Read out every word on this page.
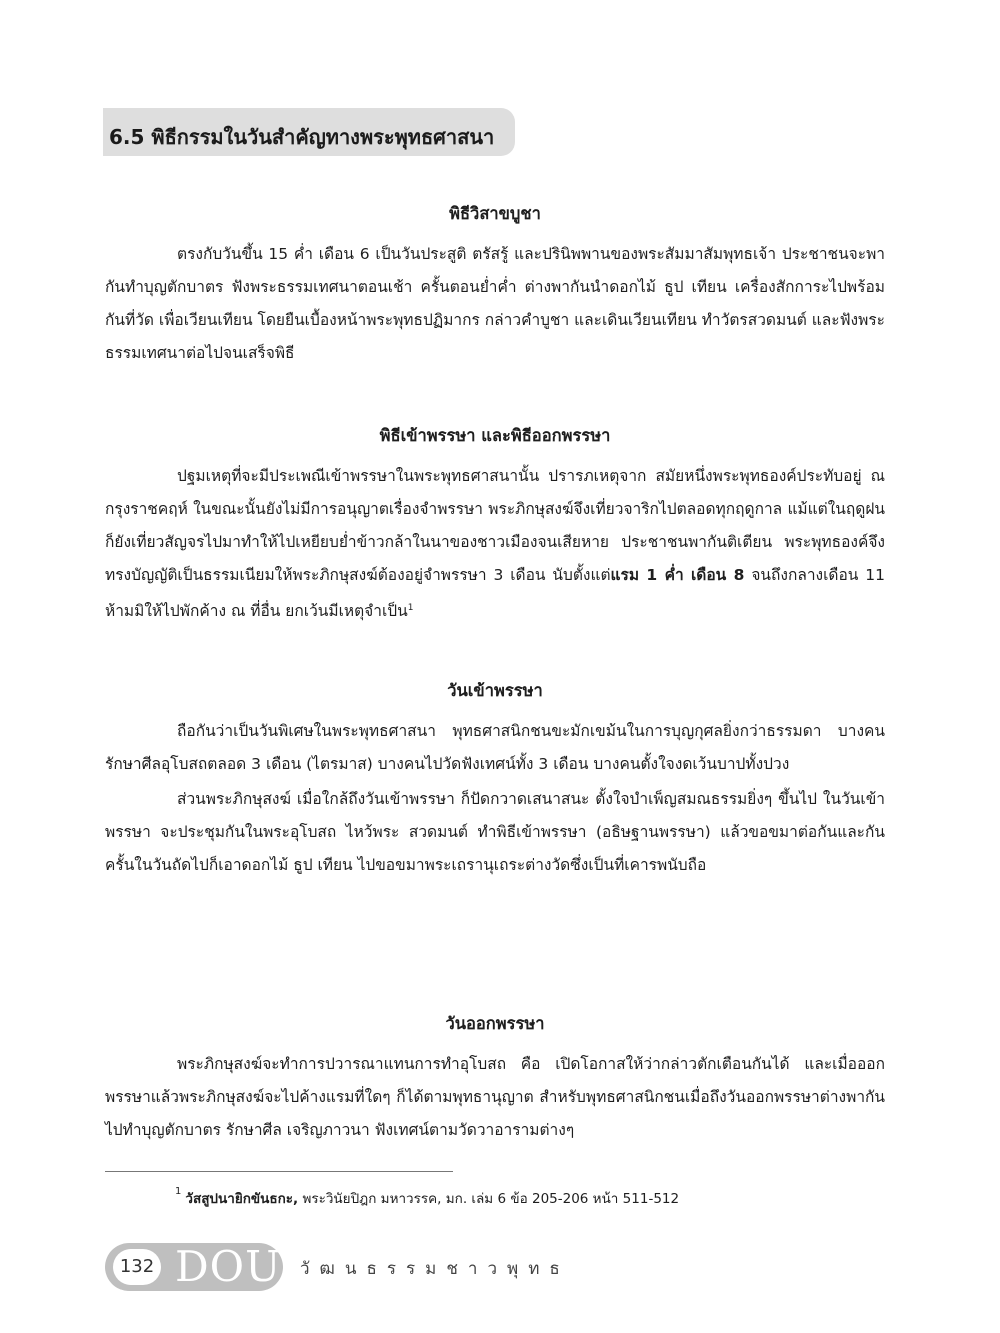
6.5 พิธีกรรมในวันสำคัญทางพระพุทธศาสนา
พิธีวิสาขบูชา

ตรงกับวันขึ้น 15 ค่ำ เดือน 6 เป็นวันประสูติ ตรัสรู้ และปรินิพพานของพระสัมมาสัมพุทธเจ้า ประชาชนจะพากันทำบุญตักบาตร ฟังพระธรรมเทศนาตอนเช้า ครั้นตอนย่ำค่ำ ต่างพากันนำดอกไม้ ธูป เทียน เครื่องสักการะไปพร้อมกันที่วัด เพื่อเวียนเทียน โดยยืนเบื้องหน้าพระพุทธปฏิมากร กล่าวคำบูชา และเดินเวียนเทียน ทำวัตรสวดมนต์ และฟังพระธรรมเทศนาต่อไปจนเสร็จพิธี

พิธีเข้าพรรษา และพิธีออกพรรษา

ปฐมเหตุที่จะมีประเพณีเข้าพรรษาในพระพุทธศาสนานั้น ปรารภเหตุจาก สมัยหนึ่งพระพุทธองค์ประทับอยู่ ณ กรุงราชคฤห์ ในขณะนั้นยังไม่มีการอนุญาตเรื่องจำพรรษา พระภิกษุสงฆ์จึงเที่ยวจาริกไปตลอดทุกฤดูกาล แม้แต่ในฤดูฝนก็ยังเที่ยวสัญจรไปมาทำให้ไปเหยียบย่ำข้าวกล้าในนาของชาวเมืองจนเสียหาย ประชาชนพากันติเตียน พระพุทธองค์จึงทรงบัญญัติเป็นธรรมเนียมให้พระภิกษุสงฆ์ต้องอยู่จำพรรษา 3 เดือน นับตั้งแต่แรม 1 ค่ำ เดือน 8 จนถึงกลางเดือน 11 ห้ามมิให้ไปพักค้าง ณ ที่อื่น ยกเว้นมีเหตุจำเป็น$^1$

วันเข้าพรรษา

ถือกันว่าเป็นวันพิเศษในพระพุทธศาสนา พุทธศาสนิกชนขะมักเขม้นในการบุญกุศลยิ่งกว่าธรรมดา บางคนรักษาศีลอุโบสถตลอด 3 เดือน (ไตรมาส) บางคนไปวัดฟังเทศน์ทั้ง 3 เดือน บางคนตั้งใจงดเว้นบาปทั้งปวง

ส่วนพระภิกษุสงฆ์ เมื่อใกล้ถึงวันเข้าพรรษา ก็ปัดกวาดเสนาสนะ ตั้งใจบำเพ็ญสมณธรรมยิ่งๆ ขึ้นไป ในวันเข้าพรรษา จะประชุมกันในพระอุโบสถ ไหว้พระ สวดมนต์ ทำพิธีเข้าพรรษา (อธิษฐานพรรษา) แล้วขอขมาต่อกันและกัน ครั้นในวันถัดไปก็เอาดอกไม้ ธูป เทียน ไปขอขมาพระเถรานุเถระต่างวัดซึ่งเป็นที่เคารพนับถือ

วันออกพรรษา

พระภิกษุสงฆ์จะทำการปวารณาแทนการทำอุโบสถ คือ เปิดโอกาสให้ว่ากล่าวตักเตือนกันได้ และเมื่อออกพรรษาแล้วพระภิกษุสงฆ์จะไปค้างแรมที่ใดๆ ก็ได้ตามพุทธานุญาต สำหรับพุทธศาสนิกชนเมื่อถึงวันออกพรรษาต่างพากันไปทำบุญตักบาตร รักษาศีล เจริญภาวนา ฟังเทศน์ตามวัดวาอารามต่างๆ

$^1$ วัสสูปนายิกขันธกะ, พระวินัยปิฎก มหาวรรค, มก. เล่ม 6 ข้อ 205-206 หน้า 511-512
132 DOU วัฒนธรรมชาวพุทธ
